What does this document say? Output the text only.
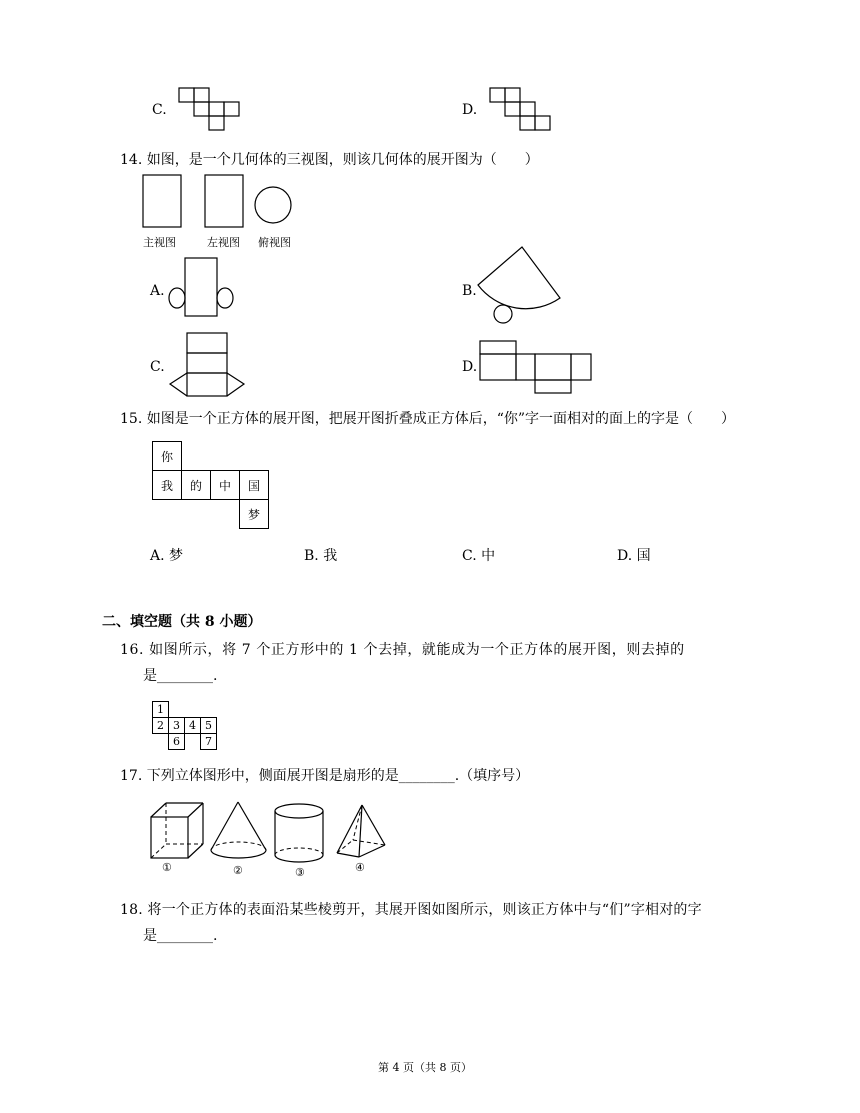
C.	D.
14. 如图，是一个几何体的三视图，则该几何体的展开图为（　　）
主视图	左视图 俯视图
A.	B.
C.	D.
15. 如图是一个正方体的展开图，把展开图折叠成正方体后，“你”字一面相对的面上的字是（　　）
你			
我	的	中	国
			梦
A. 梦	B. 我	C. 中	D. 国
二、填空题（共 8 小题）
16. 如图所示，将 7 个正方形中的 1 个去掉，就能成为一个正方体的展开图，则去掉的
是________.
1			
2	3	4	5
	6		7
17. 下列立体图形中，侧面展开图是扇形的是________.（填序号）
①	②	③	④
18. 将一个正方体的表面沿某些棱剪开，其展开图如图所示，则该正方体中与“们”字相对的字
是________.
第 4 页（共 8 页）
